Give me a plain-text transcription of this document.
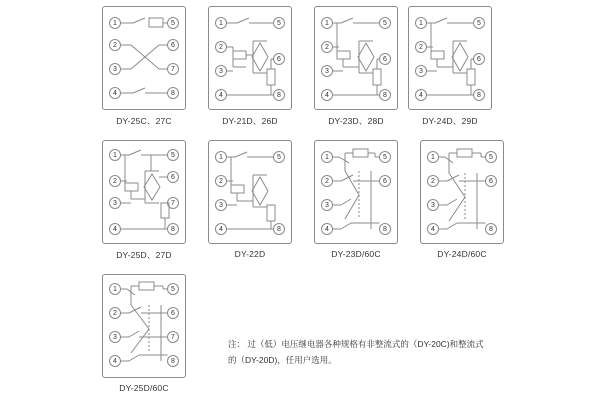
1
2
3
4
5
6
7
8
DY-25C、27C
1
2
3
4
5
6
8
DY-21D、26D
1
2
3
4
5
6
8
DY-23D、28D
1
2
3
4
5
6
8
DY-24D、29D
1
2
3
4
5
6
7
8
DY-25D、27D
1
2
3
4
5
8
DY-22D
1
2
3
4
5
6
8
DY-23D/60C
1
2
3
4
5
6
8
DY-24D/60C
1
2
3
4
5
6
7
8
DY-25D/60C
注： 过（低）电压继电器各种规格有非整流式的（DY-20C)和整流式
的（DY-20D)，任用户选用。
